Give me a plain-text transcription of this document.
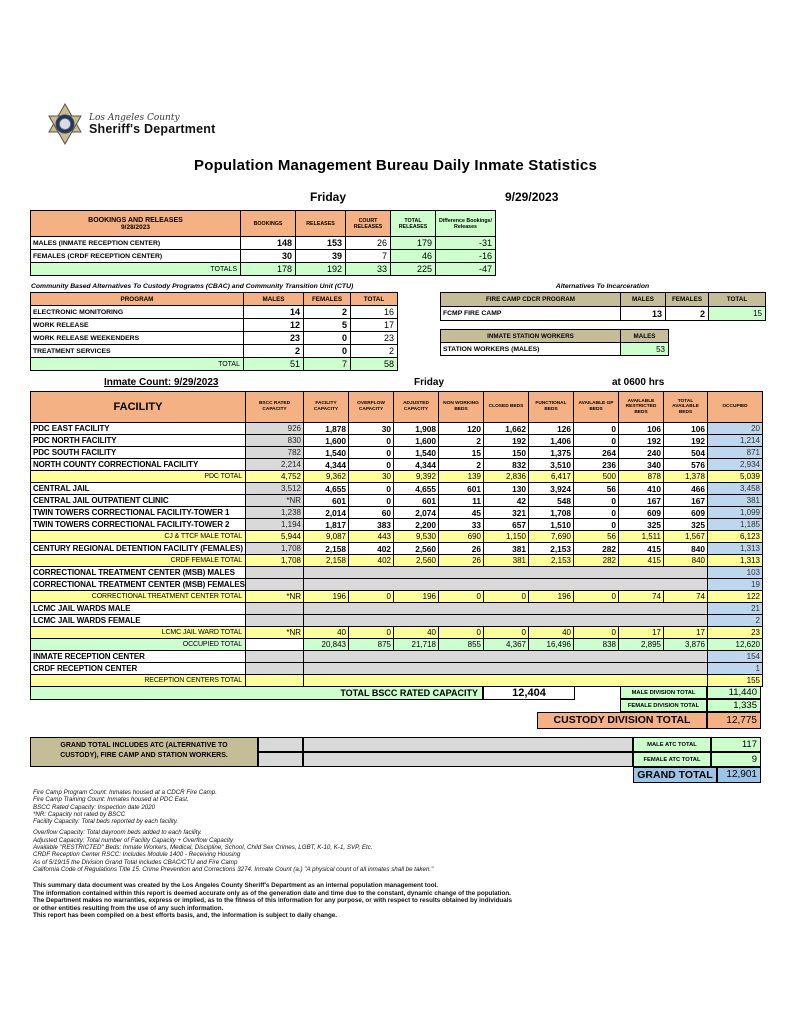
Los Angeles County
Sheriff's Department
Population Management Bureau Daily Inmate Statistics
Friday	9/29/2023
BOOKINGS AND RELEASES
9/28/2023	BOOKINGS	RELEASES	COURT RELEASES	TOTAL RELEASES	Difference Bookings/ Releases
MALES (INMATE RECEPTION CENTER)	148	153	26	179	-31
FEMALES (CRDF RECEPTION CENTER)	30	39	7	46	-16
TOTALS	178	192	33	225	-47
Community Based Alternatives To Custody Programs (CBAC) and Community Transition Unit (CTU)
PROGRAM	MALES	FEMALES	TOTAL
ELECTRONIC MONITORING	14	2	16
WORK RELEASE	12	5	17
WORK RELEASE WEEKENDERS	23	0	23
TREATMENT SERVICES	2	0	2
TOTAL	51	7	58
Alternatives To Incarceration
FIRE CAMP CDCR PROGRAM	MALES	FEMALES	TOTAL
FCMP FIRE CAMP	13	2	15
INMATE STATION WORKERS	MALES
STATION WORKERS (MALES)	53
Inmate Count: 9/29/2023	Friday	at 0600 hrs
FACILITY	BSCC RATED CAPACITY	FACILITY CAPACITY	OVERFLOW CAPACITY	ADJUSTED CAPACITY	NON WORKING BEDS	CLOSED BEDS	FUNCTIONAL BEDS	AVAILABLE GP BEDS	AVAILABLE RESTRICTED BEDS	TOTAL AVAILABLE BEDS	OCCUPIED
PDC EAST FACILITY	926	1,878	30	1,908	120	1,662	126	0	106	106	20
PDC NORTH FACILITY	830	1,600	0	1,600	2	192	1,406	0	192	192	1,214
PDC SOUTH FACILITY	782	1,540	0	1,540	15	150	1,375	264	240	504	871
NORTH COUNTY CORRECTIONAL FACILITY	2,214	4,344	0	4,344	2	832	3,510	236	340	576	2,934
PDC TOTAL	4,752	9,362	30	9,392	139	2,836	6,417	500	878	1,378	5,039
CENTRAL JAIL	3,512	4,655	0	4,655	601	130	3,924	56	410	466	3,458
CENTRAL JAIL OUTPATIENT CLINIC	*NR	601	0	601	11	42	548	0	167	167	381
TWIN TOWERS CORRECTIONAL FACILITY-TOWER 1	1,238	2,014	60	2,074	45	321	1,708	0	609	609	1,099
TWIN TOWERS CORRECTIONAL FACILITY-TOWER 2	1,194	1,817	383	2,200	33	657	1,510	0	325	325	1,185
CJ & TTCF MALE TOTAL	5,944	9,087	443	9,530	690	1,150	7,690	56	1,511	1,567	6,123
CENTURY REGIONAL DETENTION FACILITY (FEMALES)	1,708	2,158	402	2,560	26	381	2,153	282	415	840	1,313
CRDF FEMALE TOTAL	1,708	2,158	402	2,560	26	381	2,153	282	415	840	1,313
CORRECTIONAL TREATMENT CENTER (MSB) MALES											103
CORRECTIONAL TREATMENT CENTER (MSB) FEMALES											19
CORRECTIONAL TREATMENT CENTER TOTAL	*NR	196	0	196	0	0	196	0	74	74	122
LCMC JAIL WARDS MALE											21
LCMC JAIL WARDS FEMALE											2
LCMC JAIL WARD TOTAL	*NR	40	0	40	0	0	40	0	17	17	23
OCCUPIED TOTAL		20,843	875	21,718	855	4,367	16,496	838	2,895	3,876	12,620
INMATE RECEPTION CENTER											154
CRDF RECEPTION CENTER											1
RECEPTION CENTERS TOTAL											155
TOTAL BSCC RATED CAPACITY	12,404	MALE DIVISION TOTAL	11,440
FEMALE DIVISION TOTAL	1,335
CUSTODY DIVISION TOTAL	12,775
GRAND TOTAL INCLUDES ATC (ALTERNATIVE TO
CUSTODY), FIRE CAMP AND STATION WORKERS.
MALE ATC TOTAL	117
FEMALE ATC TOTAL	9
GRAND TOTAL	12,901
Fire Camp Program Count: Inmates housed at a CDCR Fire Camp.
Fire Camp Training Count: Inmates housed at PDC East.
BSCC Rated Capacity: Inspection date 2020
*NR: Capacity not rated by BSCC
Facility Capacity: Total beds reported by each facility.
Overflow Capacity: Total dayroom beds added to each facility.
Adjusted Capacity: Total number of Facility Capacity + Overflow Capacity
Available "RESTRICTED" Beds: Inmate Workers, Medical, Discipline, School, Child Sex Crimes, LGBT, K-10, K-1, SVP, Etc.
CRDF Reception Center RSCC: Includes Module 1400 - Receiving Housing
As of 5/19/15 the Division Grand Total includes CBAC/CTU and Fire Camp
California Code of Regulations Title 15. Crime Prevention and Corrections 3274. Inmate Count (a.) "A physical count of all inmates shall be taken."
This summary data document was created by the Los Angeles County Sheriff's Department as an internal population management tool.
The information contained within this report is deemed accurate only as of the generation date and time due to the constant, dynamic change of the population.
The Department makes no warranties, express or implied, as to the fitness of this information for any purpose, or with respect to results obtained by individuals
or other entities resulting from the use of any such information.
This report has been compiled on a best efforts basis, and, the information is subject to daily change.
